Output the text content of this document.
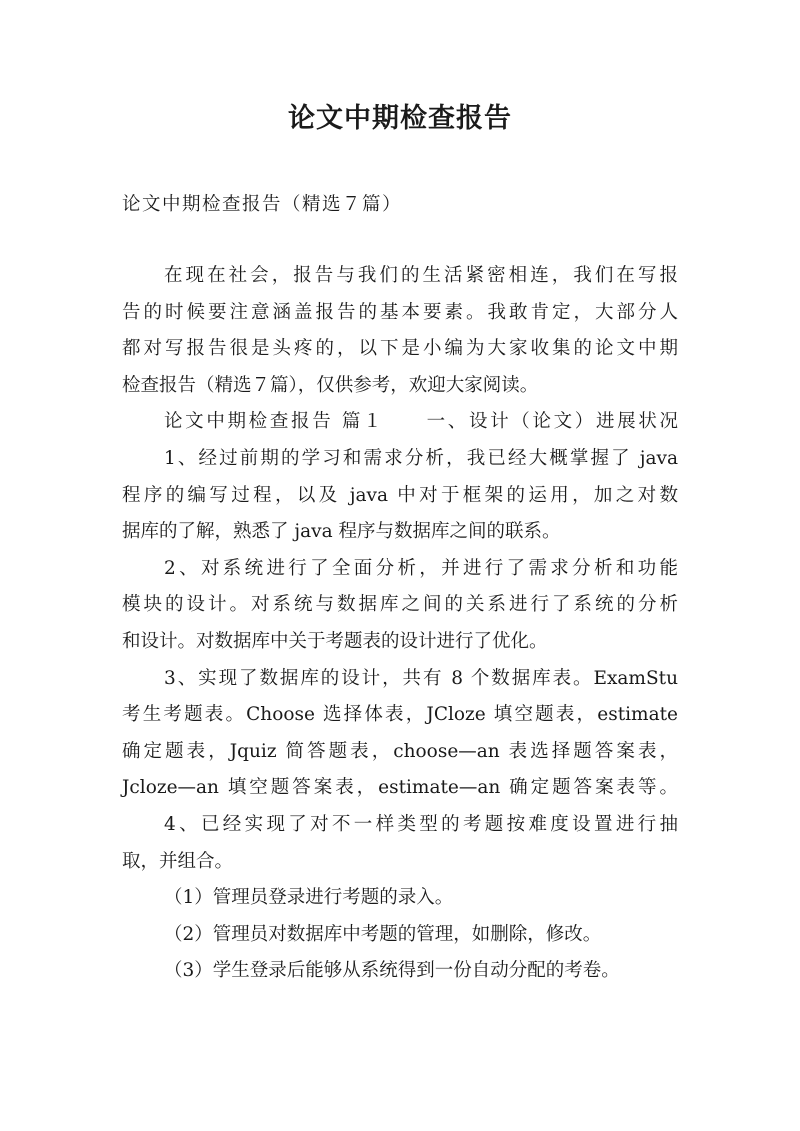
论文中期检查报告
论文中期检查报告（精选７篇）

在现在社会，报告与我们的生活紧密相连，我们在写报

告的时候要注意涵盖报告的基本要素。我敢肯定，大部分人

都对写报告很是头疼的，以下是小编为大家收集的论文中期

检查报告（精选７篇），仅供参考，欢迎大家阅读。

论文中期检查报告 篇１　　一、设计（论文）进展状况

1、经过前期的学习和需求分析，我已经大概掌握了 java

程序的编写过程，以及 java 中对于框架的运用，加之对数

据库的了解，熟悉了 java 程序与数据库之间的联系。

2、对系统进行了全面分析，并进行了需求分析和功能

模块的设计。对系统与数据库之间的关系进行了系统的分析

和设计。对数据库中关于考题表的设计进行了优化。

3、实现了数据库的设计，共有 8 个数据库表。ExamStu

考生考题表。Choose 选择体表，JCloze 填空题表，estimate

确定题表，Jquiz 简答题表，choose—an 表选择题答案表，

Jcloze—an 填空题答案表，estimate—an 确定题答案表等。

4、已经实现了对不一样类型的考题按难度设置进行抽

取，并组合。

（1）管理员登录进行考题的录入。

（2）管理员对数据库中考题的管理，如删除，修改。

（3）学生登录后能够从系统得到一份自动分配的考卷。
